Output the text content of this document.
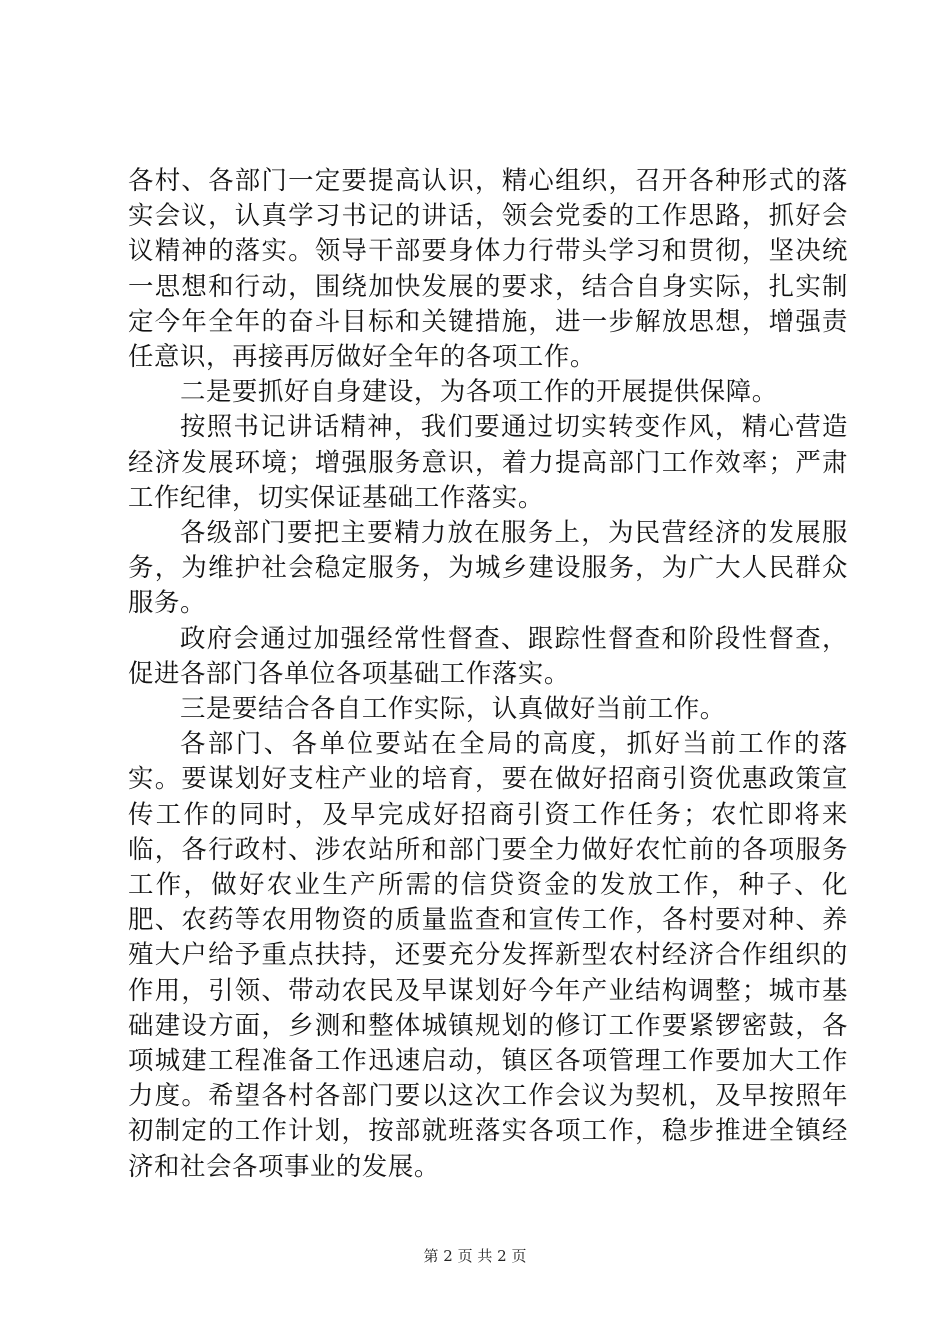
各村、各部门一定要提高认识，精心组织，召开各种形式的落实会议，认真学习书记的讲话，领会党委的工作思路，抓好会议精神的落实。领导干部要身体力行带头学习和贯彻，坚决统一思想和行动，围绕加快发展的要求，结合自身实际，扎实制定今年全年的奋斗目标和关键措施，进一步解放思想，增强责任意识，再接再厉做好全年的各项工作。

二是要抓好自身建设，为各项工作的开展提供保障。

按照书记讲话精神，我们要通过切实转变作风，精心营造经济发展环境；增强服务意识，着力提高部门工作效率；严肃工作纪律，切实保证基础工作落实。

各级部门要把主要精力放在服务上，为民营经济的发展服务，为维护社会稳定服务，为城乡建设服务，为广大人民群众服务。

政府会通过加强经常性督查、跟踪性督查和阶段性督查，促进各部门各单位各项基础工作落实。

三是要结合各自工作实际，认真做好当前工作。

各部门、各单位要站在全局的高度，抓好当前工作的落实。要谋划好支柱产业的培育，要在做好招商引资优惠政策宣传工作的同时，及早完成好招商引资工作任务；农忙即将来临，各行政村、涉农站所和部门要全力做好农忙前的各项服务工作，做好农业生产所需的信贷资金的发放工作，种子、化肥、农药等农用物资的质量监查和宣传工作，各村要对种、养殖大户给予重点扶持，还要充分发挥新型农村经济合作组织的作用，引领、带动农民及早谋划好今年产业结构调整；城市基础建设方面，乡测和整体城镇规划的修订工作要紧锣密鼓，各项城建工程准备工作迅速启动，镇区各项管理工作要加大工作力度。希望各村各部门要以这次工作会议为契机，及早按照年初制定的工作计划，按部就班落实各项工作，稳步推进全镇经济和社会各项事业的发展。

第 2 页 共 2 页
